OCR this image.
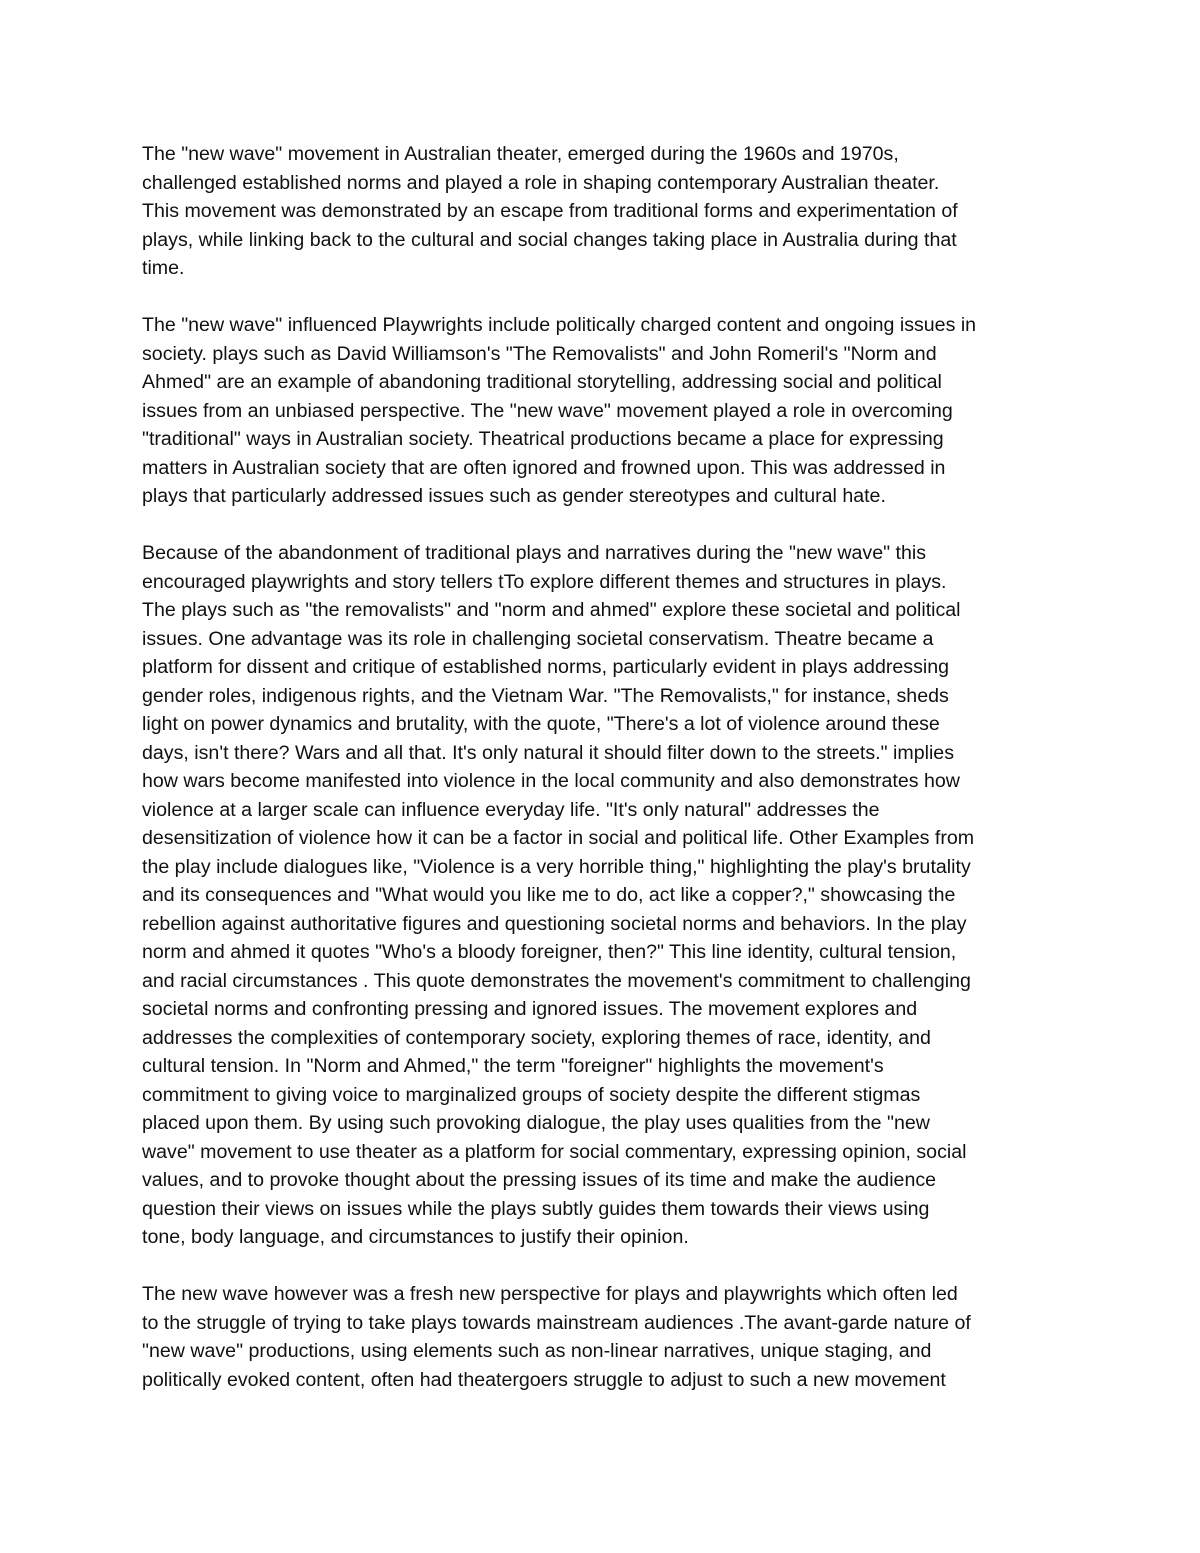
The "new wave" movement in Australian theater, emerged during the 1960s and 1970s,
challenged established norms and played a role in shaping contemporary Australian theater.
This movement was demonstrated by an escape from traditional forms and experimentation of
plays, while linking back to the cultural and social changes taking place in Australia during that
time.
The "new wave" influenced Playwrights include politically charged content and ongoing issues in
society. plays such as David Williamson's "The Removalists" and John Romeril's "Norm and
Ahmed" are an example of abandoning traditional storytelling, addressing social and political
issues from an unbiased perspective. The "new wave" movement played a role in overcoming
"traditional" ways in Australian society. Theatrical productions became a place for expressing
matters in Australian society that are often ignored and frowned upon. This was addressed in
plays that particularly addressed issues such as gender stereotypes and cultural hate.
Because of the abandonment of traditional plays and narratives during the "new wave" this
encouraged playwrights and story tellers tTo explore different themes and structures in plays.
The plays such as "the removalists" and "norm and ahmed" explore these societal and political
issues. One advantage was its role in challenging societal conservatism. Theatre became a
platform for dissent and critique of established norms, particularly evident in plays addressing
gender roles, indigenous rights, and the Vietnam War. "The Removalists," for instance, sheds
light on power dynamics and brutality, with the quote, "There's a lot of violence around these
days, isn't there? Wars and all that. It's only natural it should filter down to the streets." implies
how wars become manifested into violence in the local community and also demonstrates how
violence at a larger scale can influence everyday life. "It's only natural" addresses the
desensitization of violence how it can be a factor in social and political life. Other Examples from
the play include dialogues like, "Violence is a very horrible thing," highlighting the play's brutality
and its consequences and "What would you like me to do, act like a copper?," showcasing the
rebellion against authoritative figures and questioning societal norms and behaviors. In the play
norm and ahmed it quotes "Who's a bloody foreigner, then?" This line identity, cultural tension,
and racial circumstances . This quote demonstrates the movement's commitment to challenging
societal norms and confronting pressing and ignored issues. The movement explores and
addresses the complexities of contemporary society, exploring themes of race, identity, and
cultural tension. In "Norm and Ahmed," the term "foreigner" highlights the movement's
commitment to giving voice to marginalized groups of society despite the different stigmas
placed upon them. By using such provoking dialogue, the play uses qualities from the "new
wave" movement to use theater as a platform for social commentary, expressing opinion, social
values, and to provoke thought about the pressing issues of its time and make the audience
question their views on issues while the plays subtly guides them towards their views using
tone, body language, and circumstances to justify their opinion.
The new wave however was a fresh new perspective for plays and playwrights which often led
to the struggle of trying to take plays towards mainstream audiences .The avant-garde nature of
"new wave" productions, using elements such as non-linear narratives, unique staging, and
politically evoked content, often had theatergoers struggle to adjust to such a new movement
